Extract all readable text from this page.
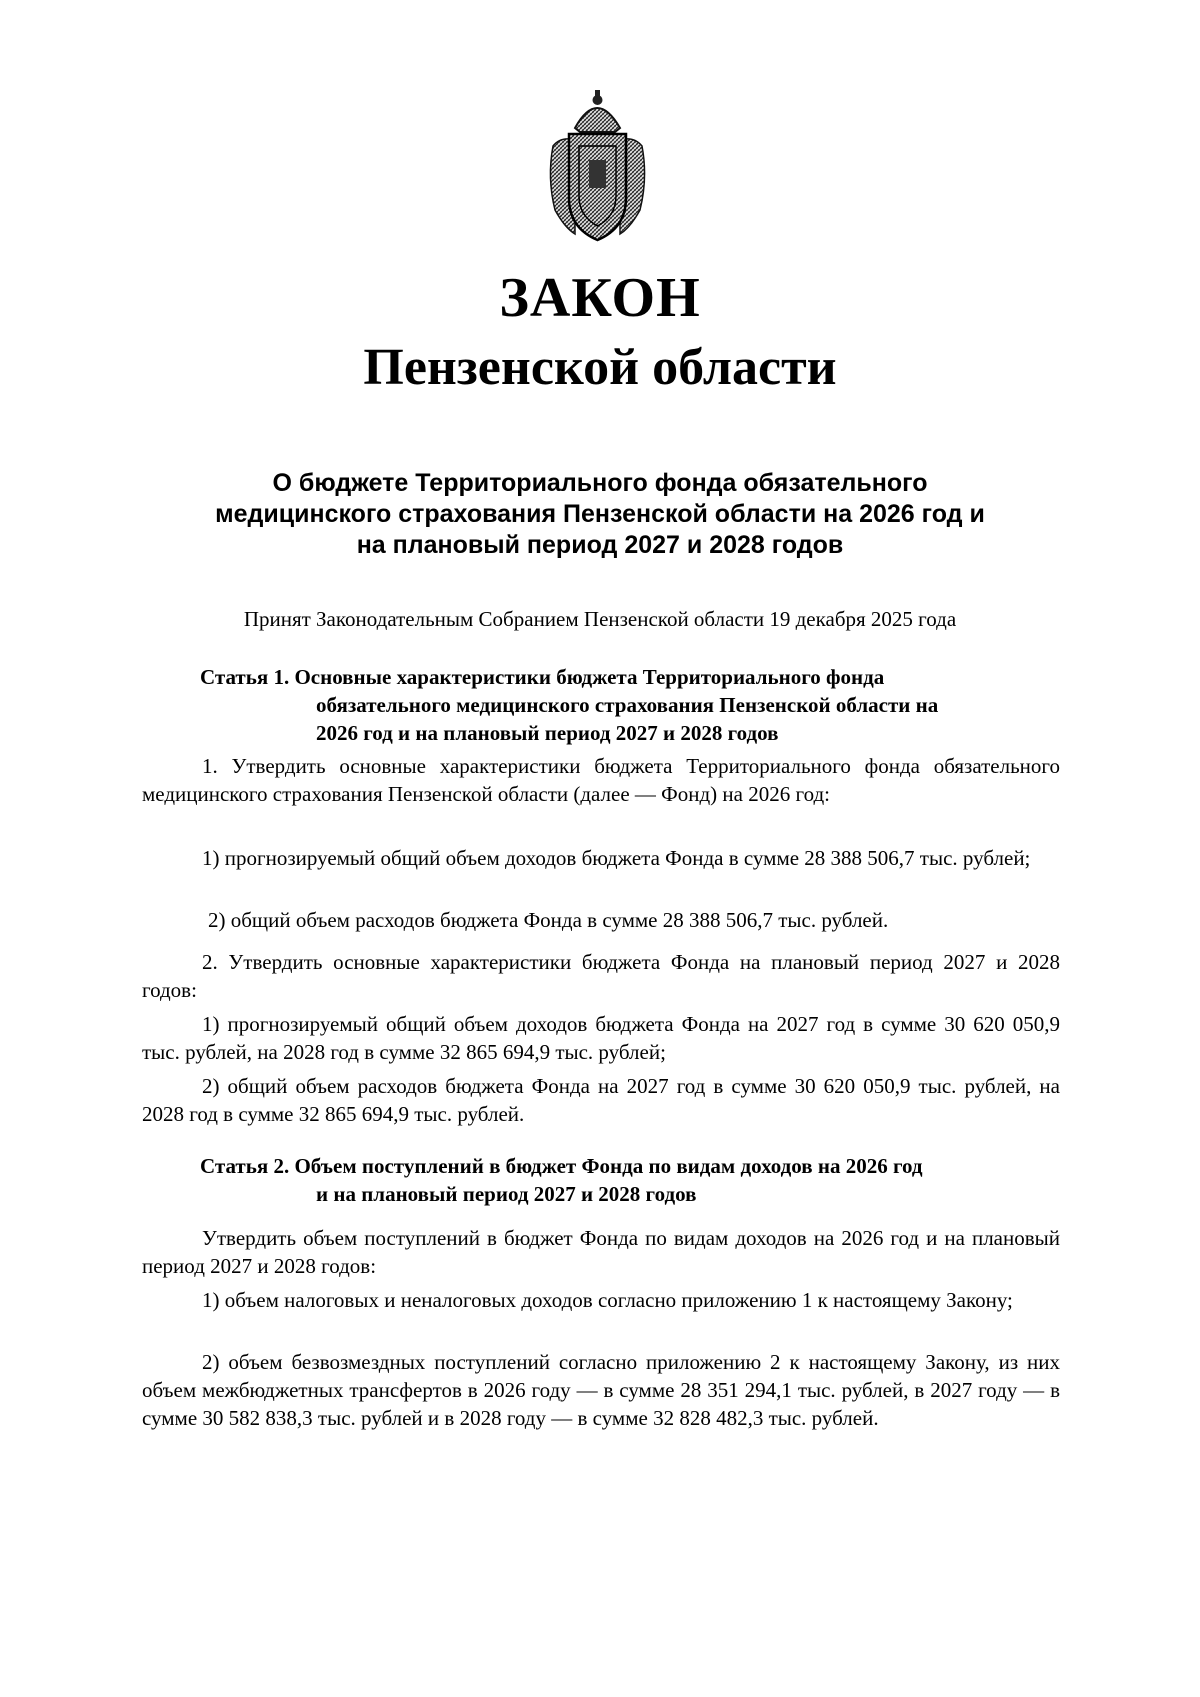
ЗАКОН
Пензенской области
О бюджете Территориального фонда обязательного
медицинского страхования Пензенской области на 2026 год и
на плановый период 2027 и 2028 годов
Принят Законодательным Собранием Пензенской области 19 декабря 2025 года
Статья 1. Основные характеристики бюджета Территориального фонда
обязательного медицинского страхования Пензенской области на
2026 год и на плановый период 2027 и 2028 годов
1. Утвердить основные характеристики бюджета Территориального фонда обязательного медицинского страхования Пензенской области (далее — Фонд) на 2026 год:
1) прогнозируемый общий объем доходов бюджета Фонда в сумме 28 388 506,7 тыс. рублей;
2) общий объем расходов бюджета Фонда в сумме 28 388 506,7 тыс. рублей.
2. Утвердить основные характеристики бюджета Фонда на плановый период 2027 и 2028 годов:
1) прогнозируемый общий объем доходов бюджета Фонда на 2027 год в сумме 30 620 050,9 тыс. рублей, на 2028 год в сумме 32 865 694,9 тыс. рублей;
2) общий объем расходов бюджета Фонда на 2027 год в сумме 30 620 050,9 тыс. рублей, на 2028 год в сумме 32 865 694,9 тыс. рублей.
Статья 2. Объем поступлений в бюджет Фонда по видам доходов на 2026 год
и на плановый период 2027 и 2028 годов
Утвердить объем поступлений в бюджет Фонда по видам доходов на 2026 год и на плановый период 2027 и 2028 годов:
1) объем налоговых и неналоговых доходов согласно приложению 1 к настоящему Закону;
2) объем безвозмездных поступлений согласно приложению 2 к настоящему Закону, из них объем межбюджетных трансфертов в 2026 году — в сумме 28 351 294,1 тыс. рублей, в 2027 году — в сумме 30 582 838,3 тыс. рублей и в 2028 году — в сумме 32 828 482,3 тыс. рублей.
